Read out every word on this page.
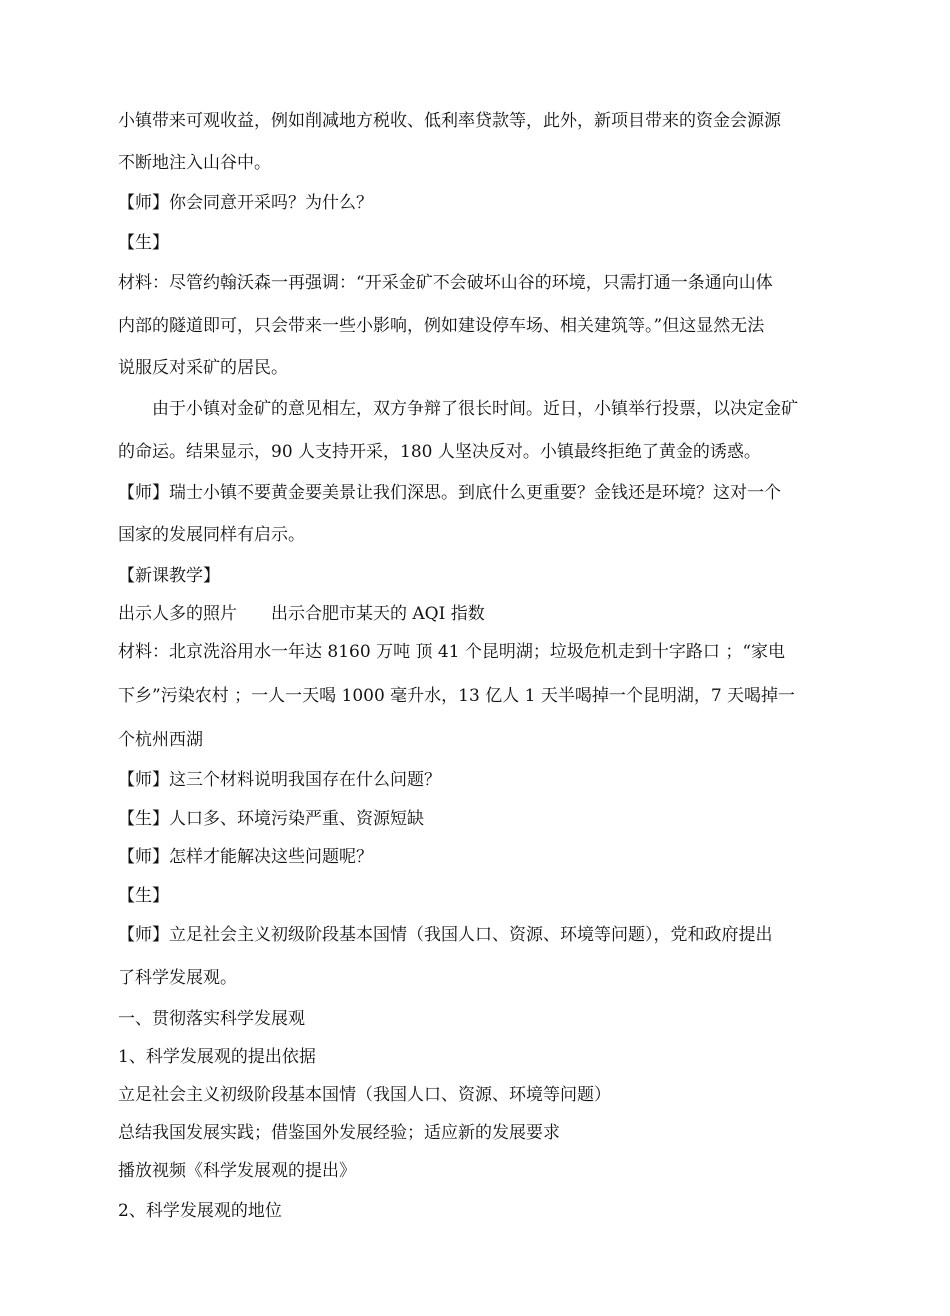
小镇带来可观收益，例如削减地方税收、低利率贷款等，此外，新项目带来的资金会源源
不断地注入山谷中。
【师】你会同意开采吗？为什么？
【生】
材料：尽管约翰沃森一再强调：“开采金矿不会破坏山谷的环境，只需打通一条通向山体
内部的隧道即可，只会带来一些小影响，例如建设停车场、相关建筑等。”但这显然无法
说服反对采矿的居民。
由于小镇对金矿的意见相左，双方争辩了很长时间。近日，小镇举行投票，以决定金矿
的命运。结果显示，90 人支持开采，180 人坚决反对。小镇最终拒绝了黄金的诱惑。
【师】瑞士小镇不要黄金要美景让我们深思。到底什么更重要？金钱还是环境？这对一个
国家的发展同样有启示。
【新课教学】
出示人多的照片　　出示合肥市某天的 AQI 指数
材料：北京洗浴用水一年达 8160 万吨 顶 41 个昆明湖；垃圾危机走到十字路口 ；“家电
下乡”污染农村 ；一人一天喝 1000 毫升水，13 亿人 1 天半喝掉一个昆明湖，7 天喝掉一
个杭州西湖
【师】这三个材料说明我国存在什么问题？
【生】人口多、环境污染严重、资源短缺
【师】怎样才能解决这些问题呢？
【生】
【师】立足社会主义初级阶段基本国情（我国人口、资源、环境等问题），党和政府提出
了科学发展观。
一、贯彻落实科学发展观
1、科学发展观的提出依据
立足社会主义初级阶段基本国情（我国人口、资源、环境等问题）
总结我国发展实践；借鉴国外发展经验；适应新的发展要求
播放视频《科学发展观的提出》
2、科学发展观的地位
